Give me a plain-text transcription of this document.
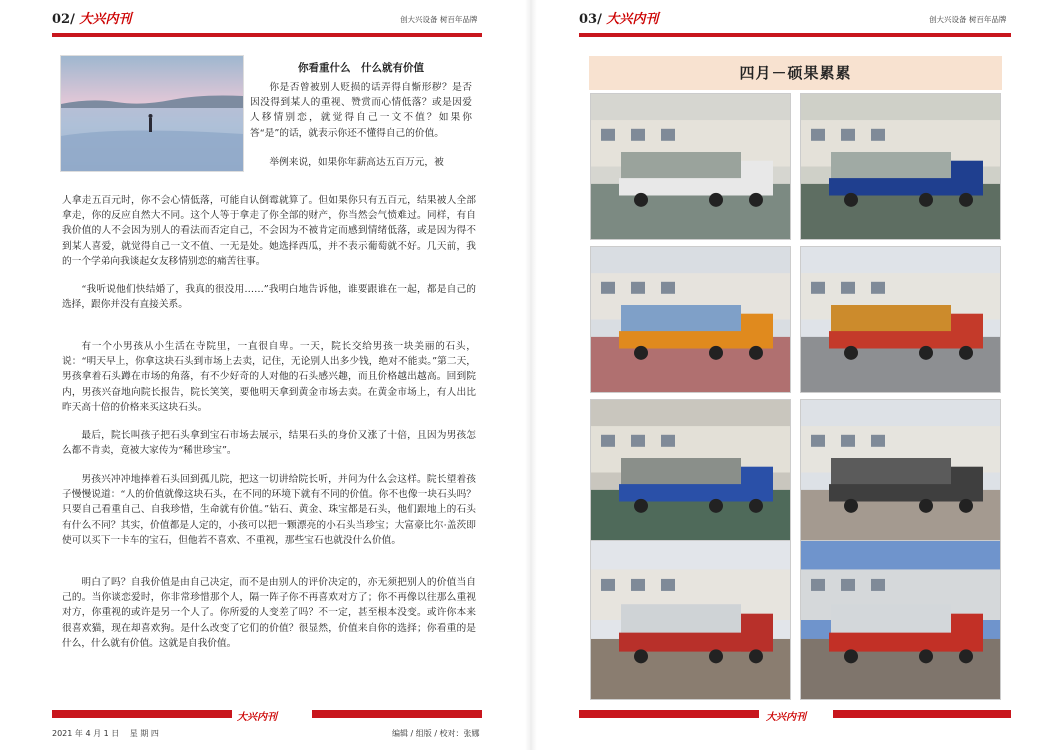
02/ 大兴内刊	创大兴设备 树百年品牌
你看重什么　什么就有价值

你是否曾被别人贬损的话弄得自惭形秽？是否因没得到某人的重视、赞赏而心情低落？或是因爱人移情别恋，就觉得自己一文不值？如果你答“是”的话，就表示你还不懂得自己的价值。

举例来说，如果你年薪高达五百万元，被

人拿走五百元时，你不会心情低落，可能自认倒霉就算了。但如果你只有五百元，结果被人全部拿走，你的反应自然大不同。这个人等于拿走了你全部的财产，你当然会气愤难过。同样，有自我价值的人不会因为别人的看法而否定自己，不会因为不被肯定而感到情绪低落，或是因为得不到某人喜爱，就觉得自己一文不值、一无是处。她选择西瓜，并不表示葡萄就不好。几天前，我的一个学弟向我谈起女友移情别恋的痛苦往事。

“我听说他们快结婚了，我真的很没用……”我明白地告诉他，谁要跟谁在一起，都是自己的选择，跟你并没有直接关系。

有一个小男孩从小生活在寺院里，一直很自卑。一天，院长交给男孩一块美丽的石头，说：“明天早上，你拿这块石头到市场上去卖，记住，无论别人出多少钱，绝对不能卖。”第二天，男孩拿着石头蹲在市场的角落，有不少好奇的人对他的石头感兴趣，而且价格越出越高。回到院内，男孩兴奋地向院长报告，院长笑笑，要他明天拿到黄金市场去卖。在黄金市场上，有人出比昨天高十倍的价格来买这块石头。

最后，院长叫孩子把石头拿到宝石市场去展示，结果石头的身价又涨了十倍，且因为男孩怎么都不肯卖，竟被大家传为“稀世珍宝”。

男孩兴冲冲地捧着石头回到孤儿院，把这一切讲给院长听，并问为什么会这样。院长望着孩子慢慢说道：“人的价值就像这块石头，在不同的环境下就有不同的价值。你不也像一块石头吗？只要自己看重自己、自我珍惜，生命就有价值。”钻石、黄金、珠宝都是石头，他们跟地上的石头有什么不同？其实，价值都是人定的，小孩可以把一颗漂亮的小石头当珍宝；大富豪比尔·盖茨即使可以买下一卡车的宝石，但他若不喜欢、不重视，那些宝石也就没什么价值。

明白了吗？自我价值是由自己决定，而不是由别人的评价决定的，亦无须把别人的价值当自己的。当你谈恋爱时，你非常珍惜那个人，隔一阵子你不再喜欢对方了；你不再像以往那么重视对方，你重视的或许是另一个人了。你所爱的人变差了吗？不一定，甚至根本没变。或许你本来很喜欢猫，现在却喜欢狗。是什么改变了它们的价值？很显然，价值来自你的选择；你看重的是什么，什么就有价值。这就是自我价值。

大兴内刊
2021 年 4 月 1 日　 星 期 四	编辑 / 组版 / 校对：张娜
03/ 大兴内刊	创大兴设备 树百年品牌
四月－硕果累累
大兴内刊
